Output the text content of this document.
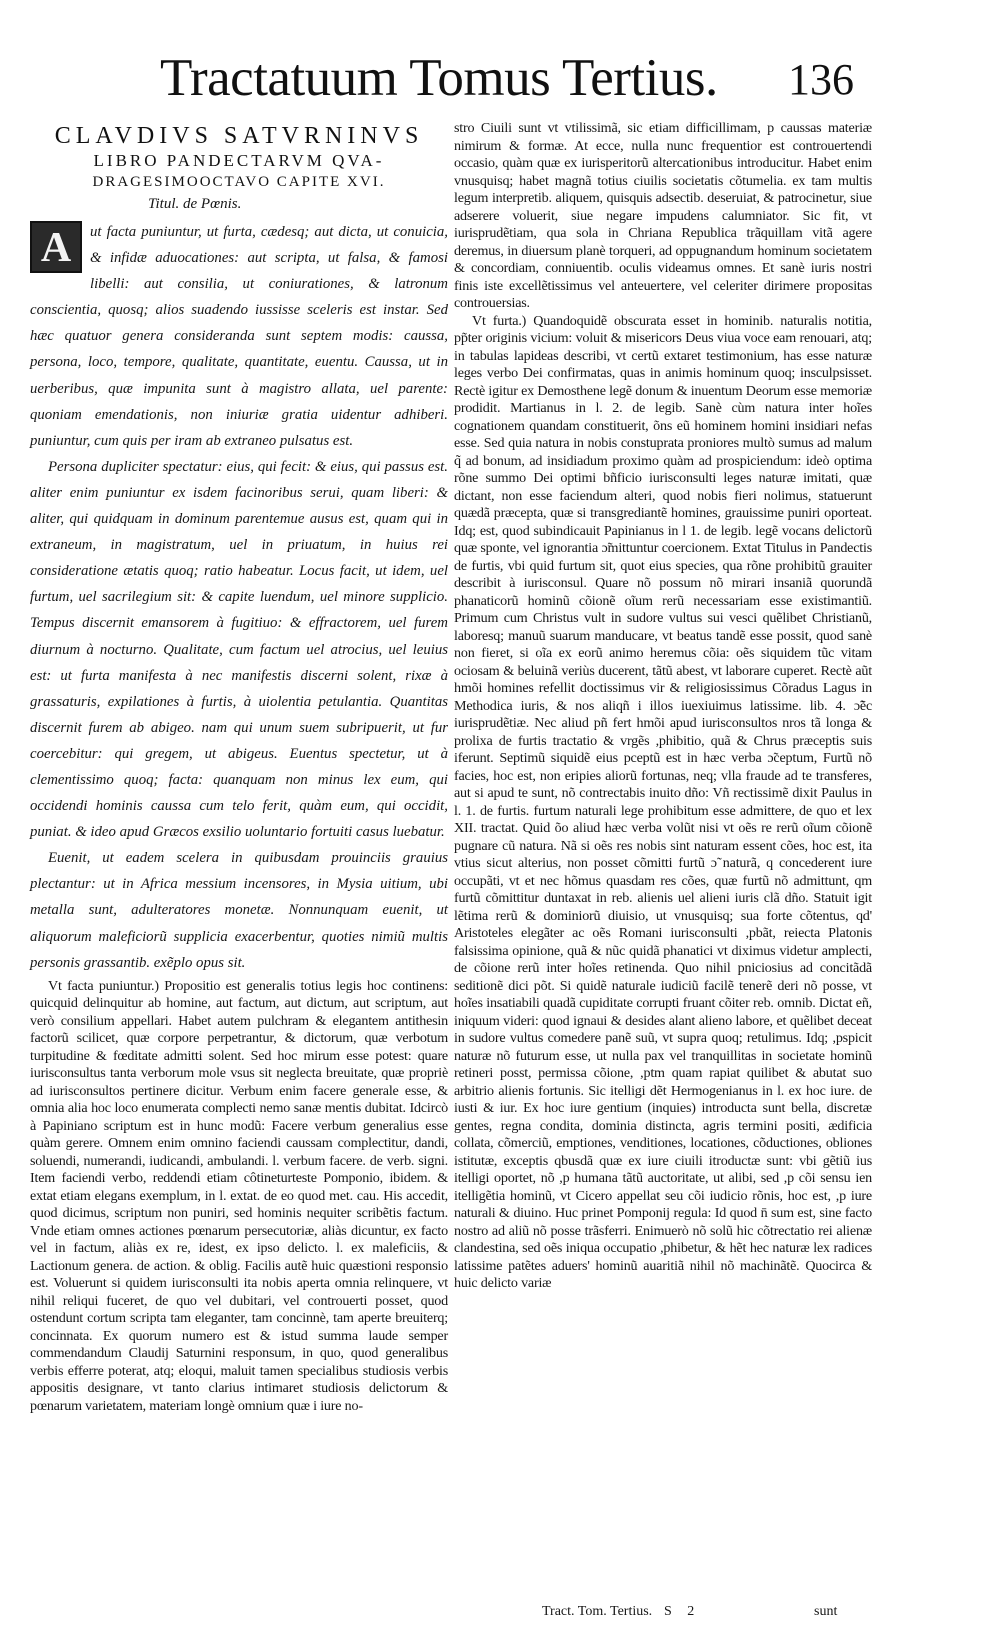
Tractatuum Tomus Tertius. 136
CLAVDIVS SATVRNINVS
LIBRO PANDECTARVM QVA-
DRAGESIMOOCTAVO CAPITE XVI.
Titul. de Pœnis.
A	ut facta puniuntur, ut furta, cædesq; aut dicta, ut conuicia, & infidæ aduocationes: aut scripta, ut falsa, & famosi libelli: aut consilia, ut coniurationes, & latronum conscientia, quosq; alios suadendo iussisse sceleris est instar. Sed hæc quatuor genera consideranda sunt septem modis: caussa, persona, loco, tempore, qualitate, quantitate, euentu. Caussa, ut in uerberibus, quæ impunita sunt à magistro allata, uel parente: quoniam emendationis, non iniuriæ gratia uidentur adhiberi. puniuntur, cum quis per iram ab extraneo pulsatus est.

Persona dupliciter spectatur: eius, qui fecit: & eius, qui passus est. aliter enim puniuntur ex isdem facinoribus serui, quam liberi: & aliter, qui quidquam in dominum parentemue ausus est, quam qui in extraneum, in magistratum, uel in priuatum, in huius rei consideratione ætatis quoq; ratio habeatur. Locus facit, ut idem, uel furtum, uel sacrilegium sit: & capite luendum, uel minore supplicio. Tempus discernit emansorem à fugitiuo: & effractorem, uel furem diurnum à nocturno. Qualitate, cum factum uel atrocius, uel leuius est: ut furta manifesta à nec manifestis discerni solent, rixæ à grassaturis, expilationes à furtis, à uiolentia petulantia. Quantitas discernit furem ab abigeo. nam qui unum suem subripuerit, ut fur coercebitur: qui gregem, ut abigeus. Euentus spectetur, ut à clementissimo quoq; facta: quanquam non minus lex eum, qui occidendi hominis caussa cum telo ferit, quàm eum, qui occidit, puniat. & ideo apud Græcos exsilio uoluntario fortuiti casus luebatur.

Euenit, ut eadem scelera in quibusdam prouinciis grauius plectantur: ut in Africa messium incensores, in Mysia uitium, ubi metalla sunt, adulteratores monetæ. Nonnunquam euenit, ut aliquorum maleficiorũ supplicia exacerbentur, quoties nimiũ multis personis grassantib. exẽplo opus sit.

Vt facta puniuntur.) Propositio est generalis totius legis hoc continens: quicquid delinquitur ab homine, aut factum, aut dictum, aut scriptum, aut verò consilium appellari. Habet autem pulchram & elegantem antithesin factorũ scilicet, quæ corpore perpetrantur, & dictorum, quæ verbotum turpitudine & fœditate admitti solent. Sed hoc mirum esse potest: quare iurisconsultus tanta verborum mole vsus sit neglecta breuitate, quæ propriè ad iurisconsultos pertinere dicitur. Verbum enim facere generale esse, & omnia alia hoc loco enumerata complecti nemo sanæ mentis dubitat. Idcircò à Papiniano scriptum est in hunc modũ: Facere verbum generalius esse quàm gerere. Omnem enim omnino faciendi caussam complectitur, dandi, soluendi, numerandi, iudicandi, ambulandi. l. verbum facere. de verb. signi. Item faciendi verbo, reddendi etiam côtineturteste Pomponio, ibidem. & extat etiam elegans exemplum, in l. extat. de eo quod met. cau. His accedit, quod dicimus, scriptum non puniri, sed hominis nequiter scribẽtis factum. Vnde etiam omnes actiones pœnarum persecutoriæ, aliàs dicuntur, ex facto vel in factum, aliàs ex re, idest, ex ipso delicto. l. ex maleficiis, & Lactionum genera. de action. & oblig. Facilis autẽ huic quæstioni responsio est. Voluerunt si quidem iurisconsulti ita nobis aperta omnia relinquere, vt nihil reliqui fuceret, de quo vel dubitari, vel controuerti posset, quod ostendunt cortum scripta tam eleganter, tam concinnè, tam aperte breuiterq; concinnata. Ex quorum numero est & istud summa laude semper commendandum Claudij Saturnini responsum, in quo, quod generalibus verbis efferre poterat, atq; eloqui, maluit tamen specialibus studiosis verbis appositis designare, vt tanto clarius intimaret studiosis delictorum & pœnarum varietatem, materiam longè omnium quæ i iure no-

stro Ciuili sunt vt vtilissimã, sic etiam difficillimam, p caussas materiæ nimirum & formæ. At ecce, nulla nunc frequentior est controuertendi occasio, quàm quæ ex iurisperitorũ altercationibus introducitur. Habet enim vnusquisq; habet magnã totius ciuilis societatis cõtumelia. ex tam multis legum interpretib. aliquem, quisquis adsectib. deseruiat, & patrocinetur, siue adserere voluerit, siue negare impudens calumniator. Sic fit, vt iurisprudẽtiam, qua sola in Chriana Republica trãquillam vitã agere deremus, in diuersum planè torqueri, ad oppugnandum hominum societatem & concordiam, conniuentib. oculis videamus omnes. Et sanè iuris nostri finis iste excellẽtissimus vel anteuertere, vel celeriter dirimere propositas controuersias.

Vt furta.) Quandoquidẽ obscurata esset in hominib. naturalis notitia, pp̃ter originis vicium: voluit & misericors Deus viua voce eam renouari, atq; in tabulas lapideas describi, vt certũ extaret testimonium, has esse naturæ leges verbo Dei confirmatas, quas in animis hominum quoq; insculpsisset. Rectè igitur ex Demosthene legẽ donum & inuentum Deorum esse memoriæ prodidit. Martianus in l. 2. de legib. Sanè cùm natura inter hoĩes cognationem quandam constituerit, õns eũ hominem homini insidiari nefas esse. Sed quia natura in nobis constuprata proniores multò sumus ad malum q̃ ad bonum, ad insidiadum proximo quàm ad prospiciendum: ideò optima rõne summo Dei optimi bñficio iurisconsulti leges naturæ imitati, quæ dictant, non esse faciendum alteri, quod nobis fieri nolimus, statuerunt quædã præcepta, quæ si transgrediantẽ homines, grauissime puniri oporteat. Idq; est, quod subindicauit Papinianus in l 1. de legib. legẽ vocans delictorũ quæ sponte, vel ignorantia ɔ̃mittuntur coercionem. Extat Titulus in Pandectis de furtis, vbi quid furtum sit, quot eius species, qua rõne prohibitũ grauiter describit à iurisconsul. Quare nõ possum nõ mirari insaniã quorundã phanaticorũ hominũ cõionẽ oĩum rerũ necessariam esse existimantiũ. Primum cum Christus vult in sudore vultus sui vesci quẽlibet Christianũ, laboresq; manuũ suarum manducare, vt beatus tandẽ esse possit, quod sanè non fieret, si oĩa ex eorũ animo heremus cõia: oẽs siquidem tũc vitam ociosam & beluinã veriùs ducerent, tãtũ abest, vt laborare cuperet. Rectè aũt hmõi homines refellit doctissimus vir & religiosissimus Cõradus Lagus in Methodica iuris, & nos aliqñ i illos iuexiuimus latissime. lib. 4. ɔ̃ẽc iurisprudẽtiæ. Nec aliud pñ fert hmõi apud iurisconsultos nros tã longa & prolixa de furtis tractatio & vrgẽs ,phibitio, quã & Chrus præceptis suis iferunt. Septimũ siquidẽ eius pceptũ est in hæc verba ɔ̃ceptum, Furtũ nõ facies, hoc est, non eripies aliorũ fortunas, neq; vlla fraude ad te transferes, aut si apud te sunt, nõ contrectabis inuito dño: Vñ rectissimẽ dixit Paulus in l. 1. de furtis. furtum naturali lege prohibitum esse admittere, de quo et lex XII. tractat. Quid õo aliud hæc verba volũt nisi vt oẽs re rerũ oĩum cõionẽ pugnare cũ natura. Nã si oẽs res nobis sint naturam essent cões, hoc est, ita vtius sicut alterius, non posset cõmitti furtũ ɔ̃ naturã, q concederent iure occupãti, vt et nec hõmus quasdam res cões, quæ furtũ nõ admittunt, qm furtũ cõmittitur duntaxat in reb. alienis uel alieni iuris clã dño. Statuit igit lẽtima rerũ & dominiorũ diuisio, ut vnusquisq; sua forte cõtentus, qd' Aristoteles elegãter ac oẽs Romani iurisconsulti ,pbãt, reiecta Platonis falsissima opinione, quã & nũc quidã phanatici vt diximus videtur amplecti, de cõione rerũ inter hoĩes retinenda. Quo nihil pniciosius ad concitãdã seditionẽ dici põt. Si quidẽ naturale iudiciũ facilẽ tenerẽ deri nõ posse, vt hoĩes insatiabili quadã cupiditate corrupti fruant cõiter reb. omnib. Dictat eñ, iniquum videri: quod ignaui & desides alant alieno labore, et quẽlibet deceat in sudore vultus comedere panẽ suũ, vt supra quoq; retulimus. Idq; ,pspicit naturæ nõ futurum esse, ut nulla pax vel tranquillitas in societate hominũ retineri posst, permissa cõione, ,ptm quam rapiat quilibet & abutat suo arbitrio alienis fortunis. Sic itelligi dẽt Hermogenianus in l. ex hoc iure. de iusti & iur. Ex hoc iure gentium (inquies) introducta sunt bella, discretæ gentes, regna condita, dominia distincta, agris termini positi, ædificia collata, cõmerciũ, emptiones, venditiones, locationes, cõductiones, obliones istitutæ, exceptis qbusdã quæ ex iure ciuili itroductæ sunt: vbi gẽtiũ ius itelligi oportet, nõ ,p humana tãtũ auctoritate, ut alibi, sed ,p cõi sensu ien itelligẽtia hominũ, vt Cicero appellat seu cõi iudicio rõnis, hoc est, ,p iure naturali & diuino. Huc prinet Pomponij regula: Id quod n̄ sum est, sine facto nostro ad aliũ nõ posse trãsferri. Enimuerò nõ solũ hic cõtrectatio rei alienæ clandestina, sed oẽs iniqua occupatio ,phibetur, & hẽt hec naturæ lex radices latissime patẽtes aduers' hominũ auaritiã nihil nõ machinãtẽ. Quocirca & huic delicto variæ

Tract. Tom. Tertius. S 2	sunt
